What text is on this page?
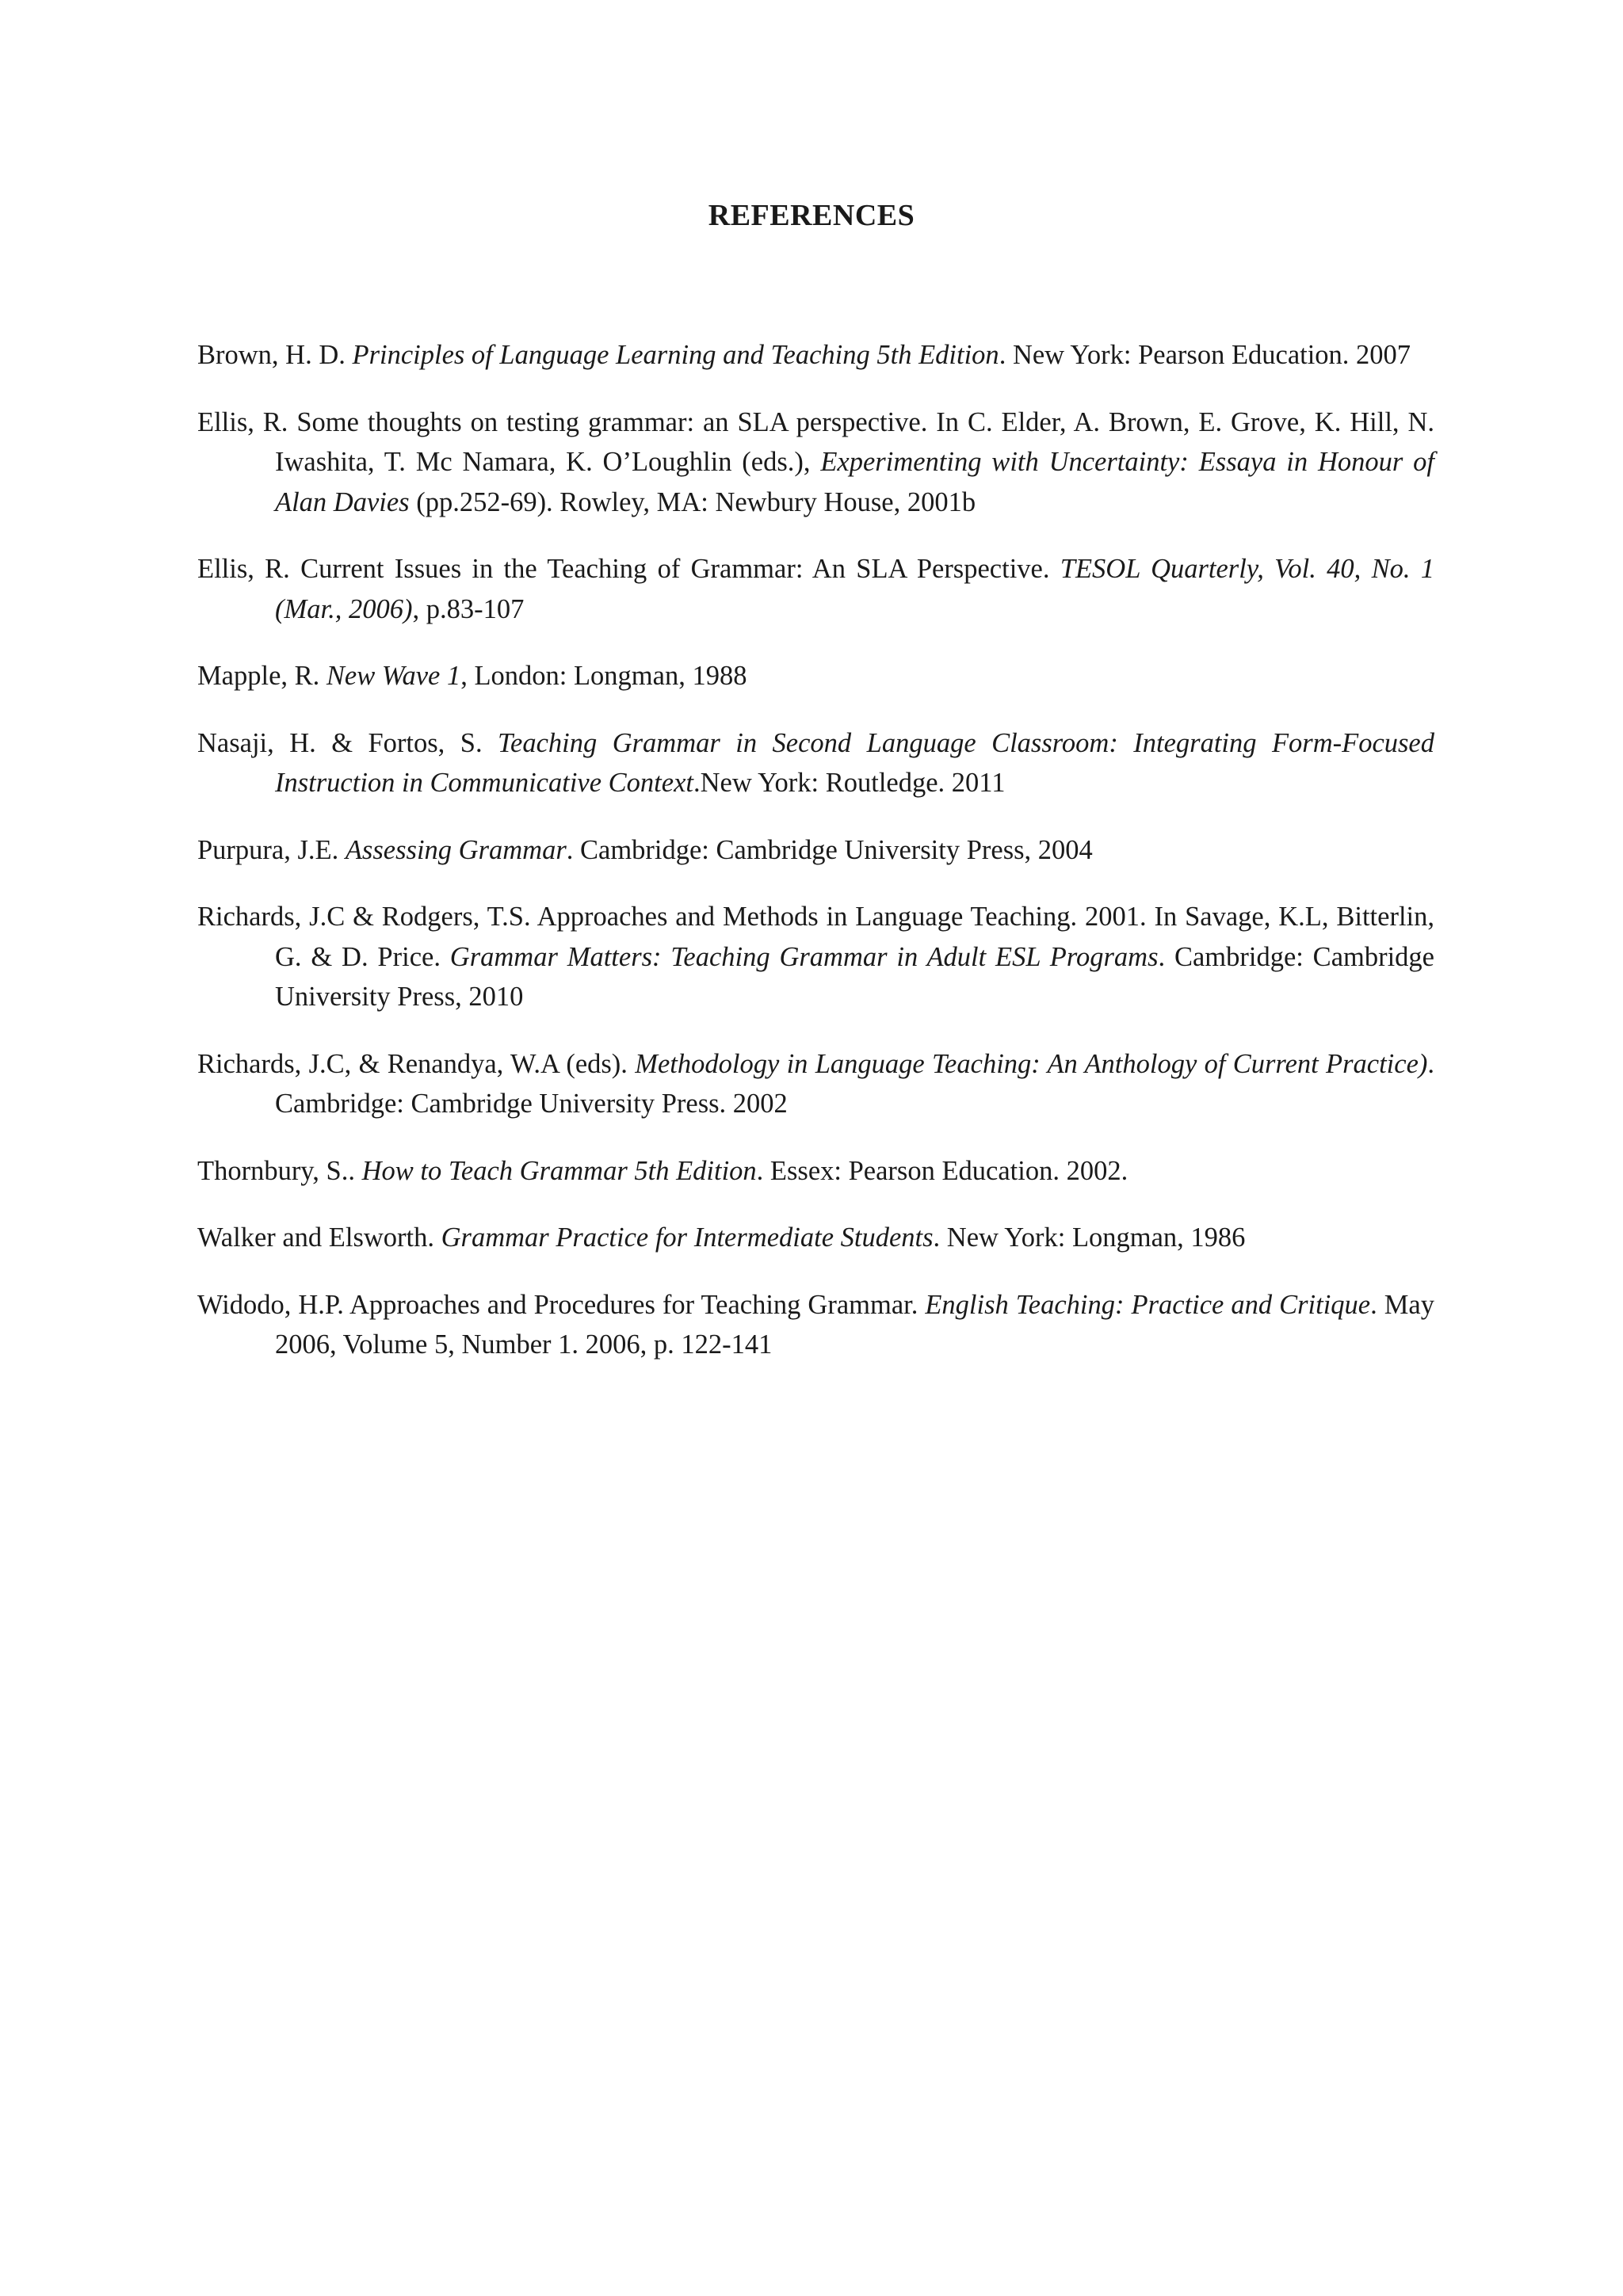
REFERENCES

Brown, H. D. Principles of Language Learning and Teaching 5th Edition. New York: Pearson Education. 2007

Ellis, R. Some thoughts on testing grammar: an SLA perspective. In C. Elder, A. Brown, E. Grove, K. Hill, N. Iwashita, T. Mc Namara, K. O’Loughlin (eds.), Experimenting with Uncertainty: Essaya in Honour of Alan Davies (pp.252-69). Rowley, MA: Newbury House, 2001b

Ellis, R. Current Issues in the Teaching of Grammar: An SLA Perspective. TESOL Quarterly, Vol. 40, No. 1 (Mar., 2006), p.83-107

Mapple, R. New Wave 1, London: Longman, 1988

Nasaji, H. & Fortos, S. Teaching Grammar in Second Language Classroom: Integrating Form-Focused Instruction in Communicative Context.New York: Routledge. 2011

Purpura, J.E. Assessing Grammar. Cambridge: Cambridge University Press, 2004

Richards, J.C & Rodgers, T.S. Approaches and Methods in Language Teaching. 2001. In Savage, K.L, Bitterlin, G. & D. Price. Grammar Matters: Teaching Grammar in Adult ESL Programs. Cambridge: Cambridge University Press, 2010

Richards, J.C, & Renandya, W.A (eds). Methodology in Language Teaching: An Anthology of Current Practice). Cambridge: Cambridge University Press. 2002

Thornbury, S.. How to Teach Grammar 5th Edition. Essex: Pearson Education. 2002.

Walker and Elsworth. Grammar Practice for Intermediate Students. New York: Longman, 1986

Widodo, H.P. Approaches and Procedures for Teaching Grammar. English Teaching: Practice and Critique. May 2006, Volume 5, Number 1. 2006, p. 122-141
